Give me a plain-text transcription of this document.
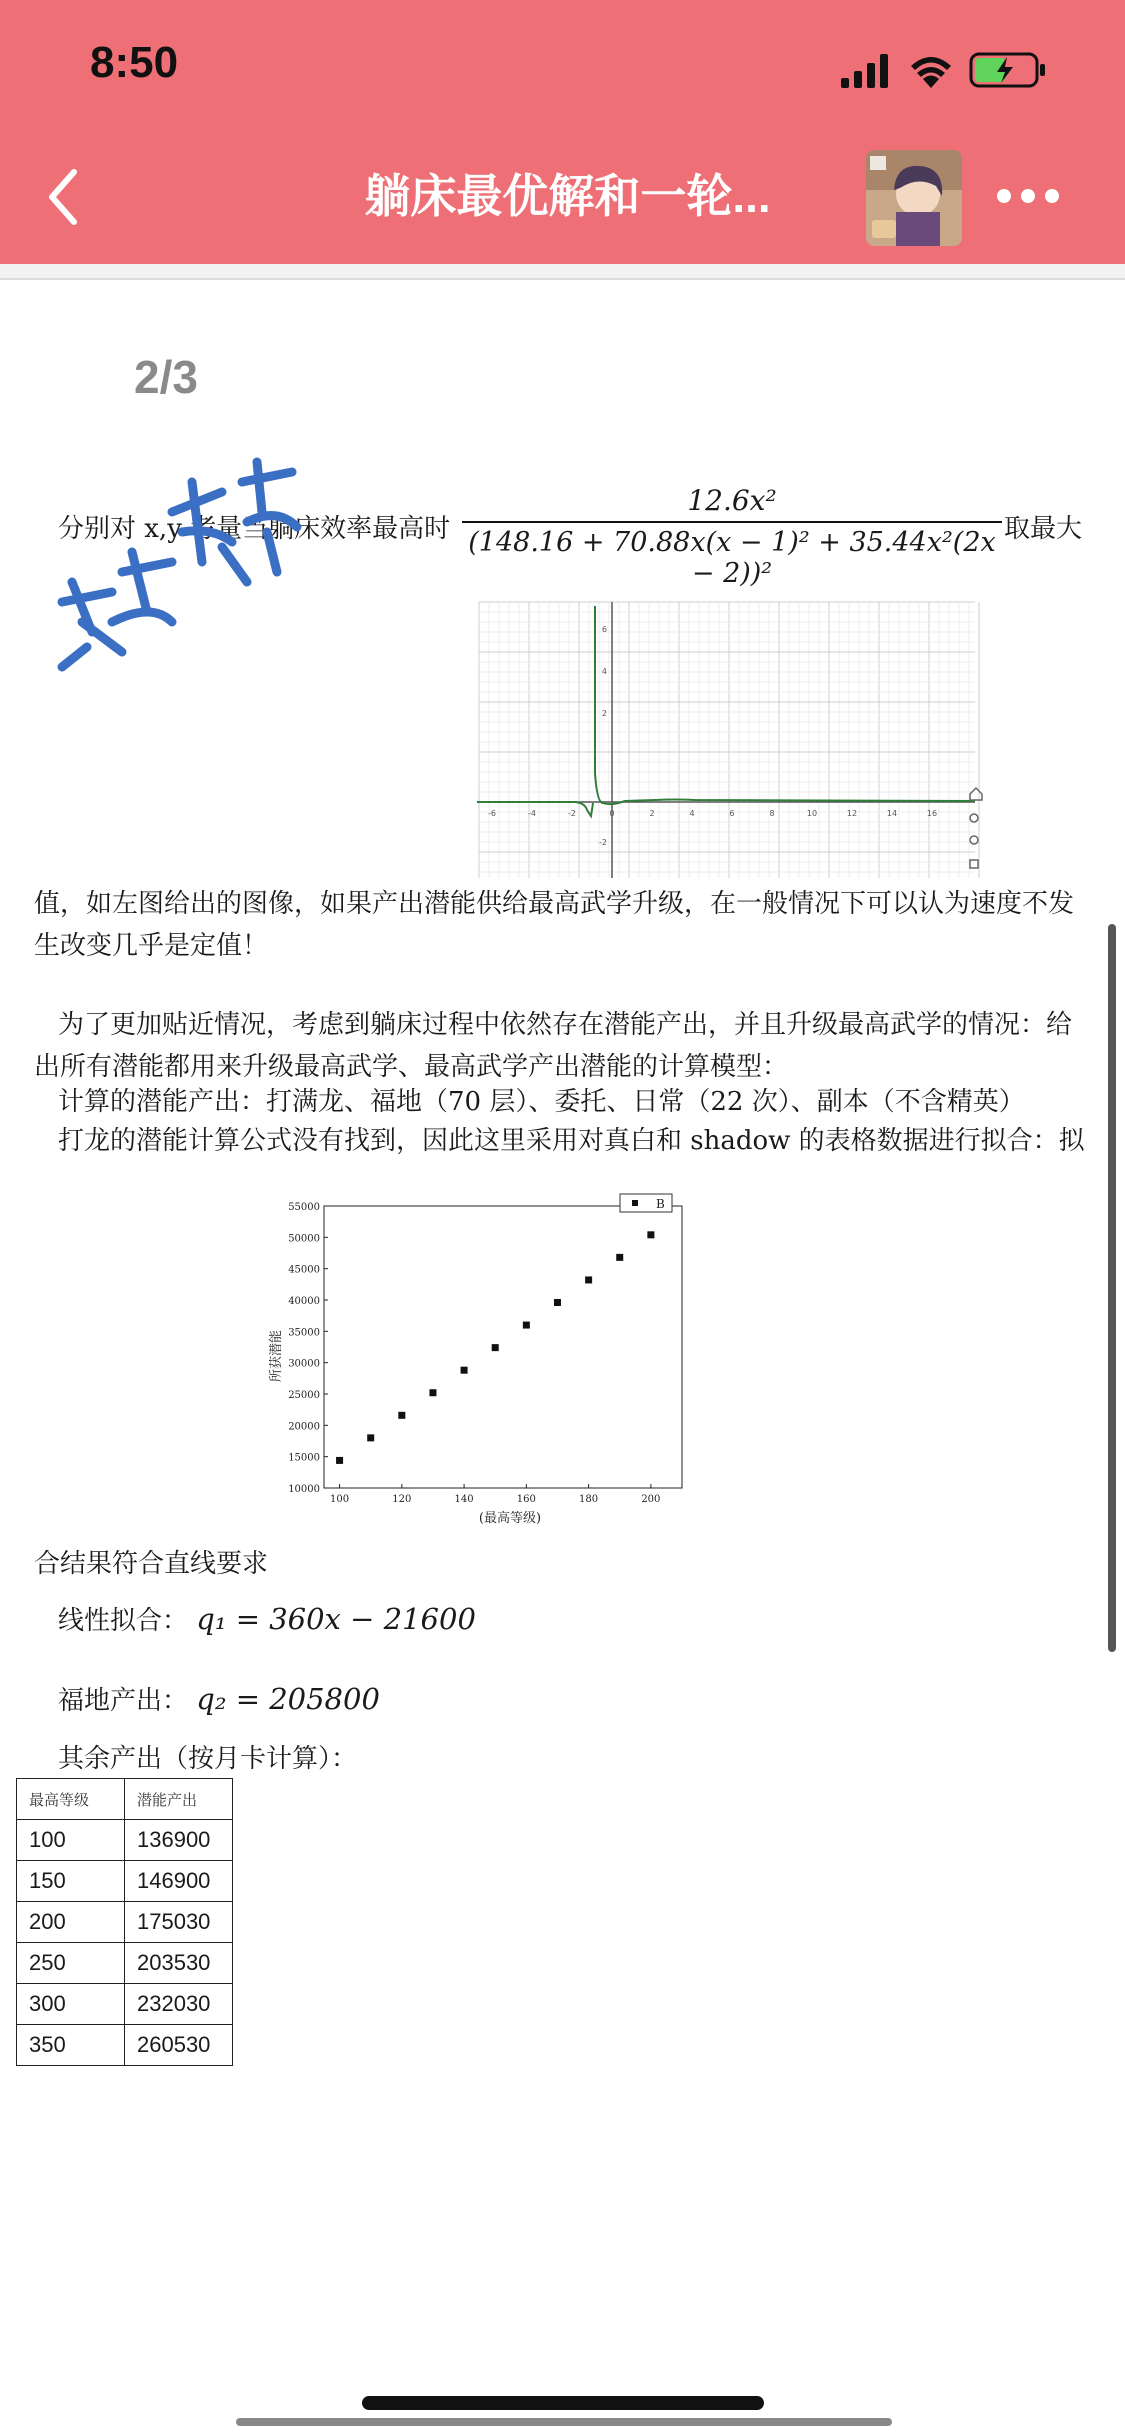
8:50
躺床最优解和一轮...
2/3
分别对 x,y 考量当躺床效率最高时 $\frac{\text{12.6x²}}{\text{(148.16 + 70.88x(x − 1)² + 35.44x²(2x − 2))²}}$ 取最大
-6	-4	-2	0	2	4	6	8	10	12	14	16
6
4
2
-2
值，如左图给出的图像，如果产出潜能供给最高武学升级，在一般情况下可以认为速度不发
生改变几乎是定值！
为了更加贴近情况，考虑到躺床过程中依然存在潜能产出，并且升级最高武学的情况：给
出所有潜能都用来升级最高武学、最高武学产出潜能的计算模型：
计算的潜能产出：打满龙、福地（70 层）、委托、日常（22 次）、副本（不含精英）
打龙的潜能计算公式没有找到，因此这里采用对真白和 shadow 的表格数据进行拟合：拟
10000
15000
20000
25000
30000
35000
40000
45000
50000
55000
100	120	140	160	180	200
(最高等级)
所获潜能
B
合结果符合直线要求
线性拟合： q₁ = 360x − 21600
福地产出： q₂ = 205800
其余产出（按月卡计算）：
最高等级	潜能产出
100	136900
150	146900
200	175030
250	203530
300	232030
350	260530
